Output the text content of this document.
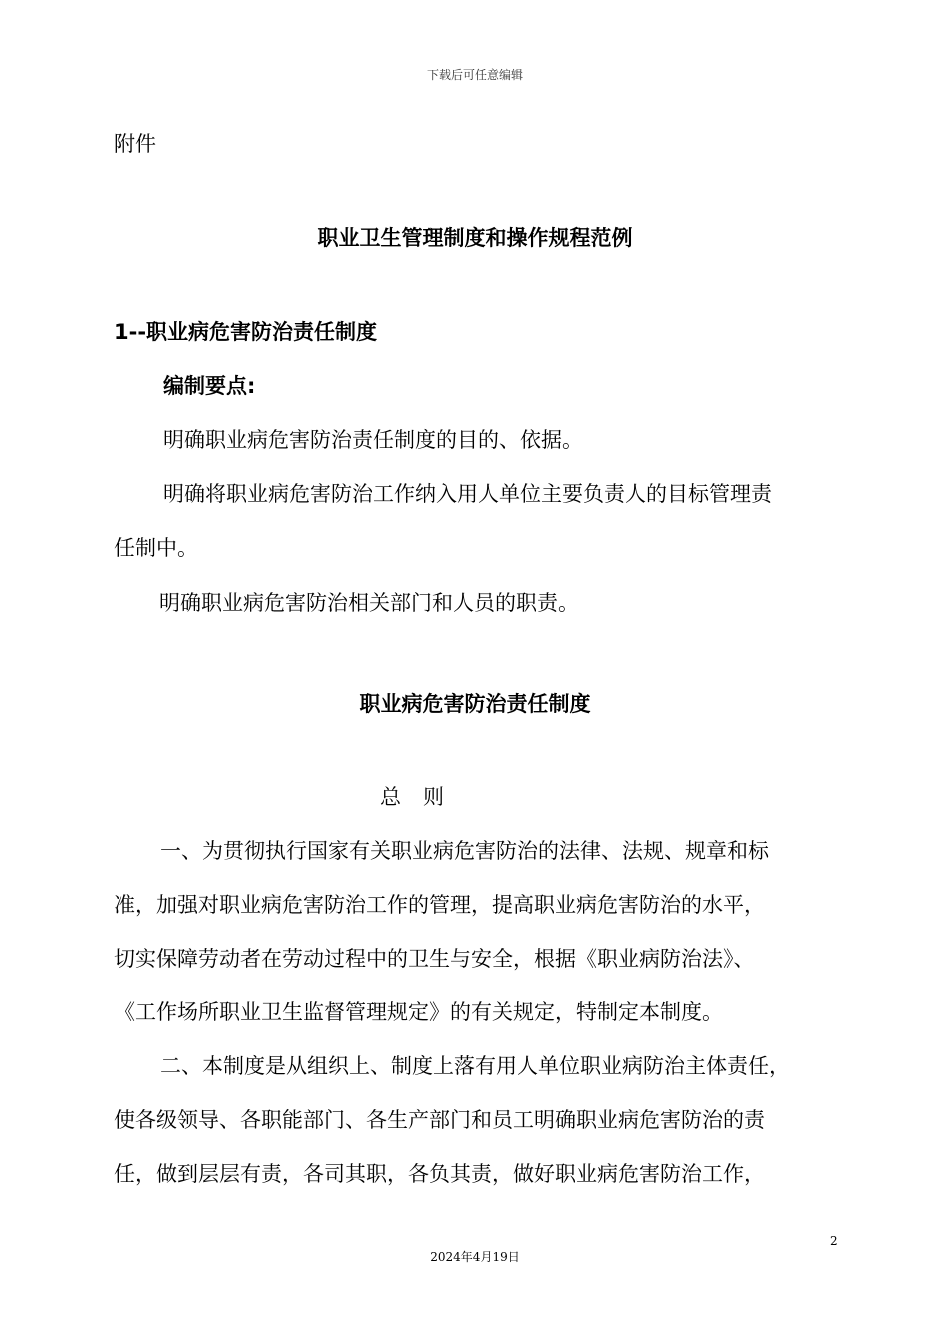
下载后可任意编辑
附件
职业卫生管理制度和操作规程范例
1--职业病危害防治责任制度
编制要点:
明确职业病危害防治责任制度的目的、依据。
明确将职业病危害防治工作纳入用人单位主要负责人的目标管理责
任制中。
明确职业病危害防治相关部门和人员的职责。
职业病危害防治责任制度
总则
一、为贯彻执行国家有关职业病危害防治的法律、法规、规章和标
准，加强对职业病危害防治工作的管理，提高职业病危害防治的水平，
切实保障劳动者在劳动过程中的卫生与安全，根据《职业病防治法》、
《工作场所职业卫生监督管理规定》的有关规定，特制定本制度。
二、本制度是从组织上、制度上落有用人单位职业病防治主体责任，
使各级领导、各职能部门、各生产部门和员工明确职业病危害防治的责
任，做到层层有责，各司其职，各负其责，做好职业病危害防治工作，
2
2024年4月19日
